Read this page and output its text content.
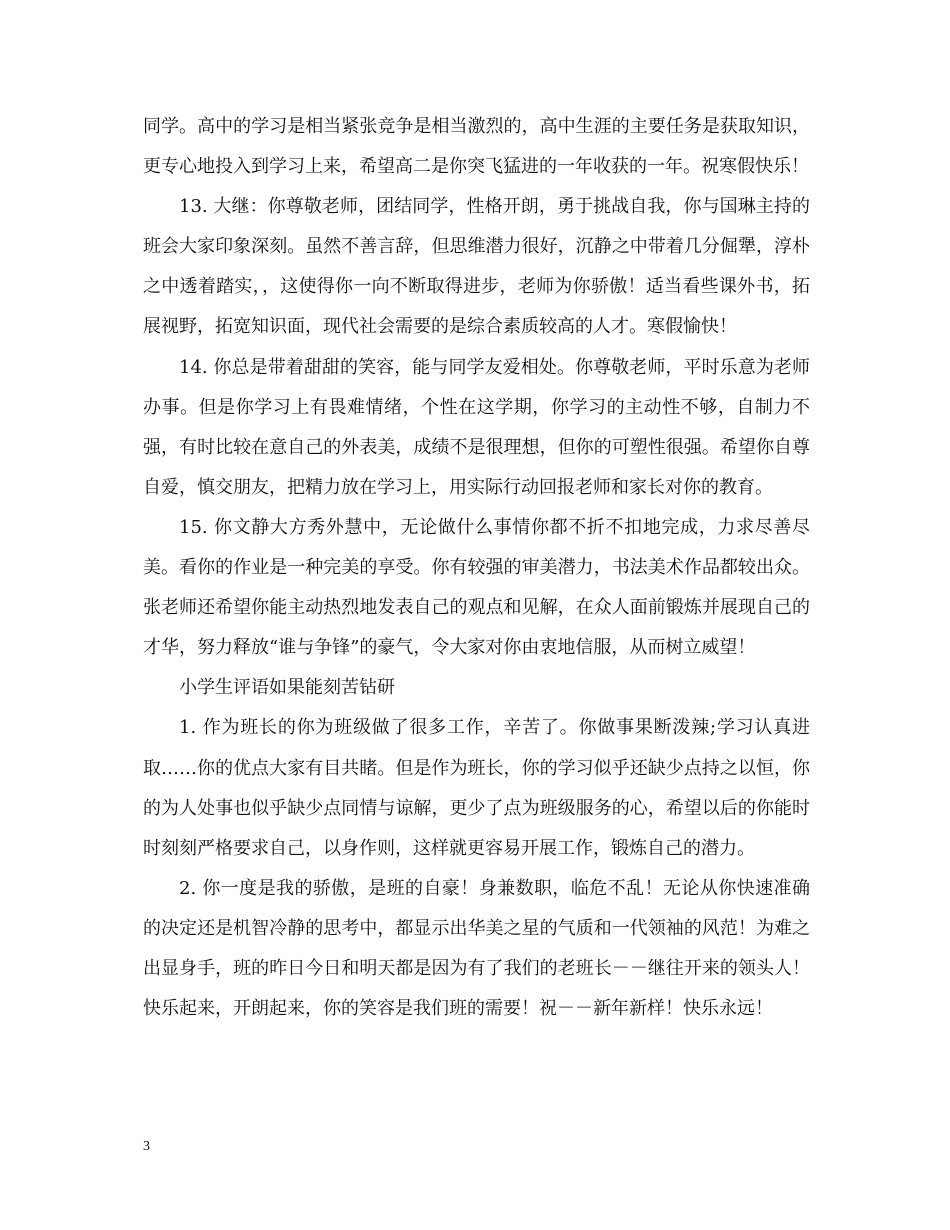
同学。高中的学习是相当紧张竞争是相当激烈的，高中生涯的主要任务是获取知识，更专心地投入到学习上来，希望高二是你突飞猛进的一年收获的一年。祝寒假快乐！

13. 大继：你尊敬老师，团结同学，性格开朗，勇于挑战自我，你与国琳主持的班会大家印象深刻。虽然不善言辞，但思维潜力很好，沉静之中带着几分倔犟，淳朴之中透着踏实，，这使得你一向不断取得进步，老师为你骄傲！适当看些课外书，拓展视野，拓宽知识面，现代社会需要的是综合素质较高的人才。寒假愉快！

14. 你总是带着甜甜的笑容，能与同学友爱相处。你尊敬老师，平时乐意为老师办事。但是你学习上有畏难情绪，个性在这学期，你学习的主动性不够，自制力不强，有时比较在意自己的外表美，成绩不是很理想，但你的可塑性很强。希望你自尊自爱，慎交朋友，把精力放在学习上，用实际行动回报老师和家长对你的教育。

15. 你文静大方秀外慧中，无论做什么事情你都不折不扣地完成，力求尽善尽美。看你的作业是一种完美的享受。你有较强的审美潜力，书法美术作品都较出众。张老师还希望你能主动热烈地发表自己的观点和见解，在众人面前锻炼并展现自己的才华，努力释放“谁与争锋”的豪气，令大家对你由衷地信服，从而树立威望！

小学生评语如果能刻苦钻研

1. 作为班长的你为班级做了很多工作，辛苦了。你做事果断泼辣;学习认真进取……你的优点大家有目共睹。但是作为班长，你的学习似乎还缺少点持之以恒，你的为人处事也似乎缺少点同情与谅解，更少了点为班级服务的心，希望以后的你能时时刻刻严格要求自己，以身作则，这样就更容易开展工作，锻炼自己的潜力。

2. 你一度是我的骄傲，是班的自豪！身兼数职，临危不乱！无论从你快速准确的决定还是机智冷静的思考中，都显示出华美之星的气质和一代领袖的风范！为难之出显身手，班的昨日今日和明天都是因为有了我们的老班长－－继往开来的领头人！快乐起来，开朗起来，你的笑容是我们班的需要！祝－－新年新样！快乐永远！

3
